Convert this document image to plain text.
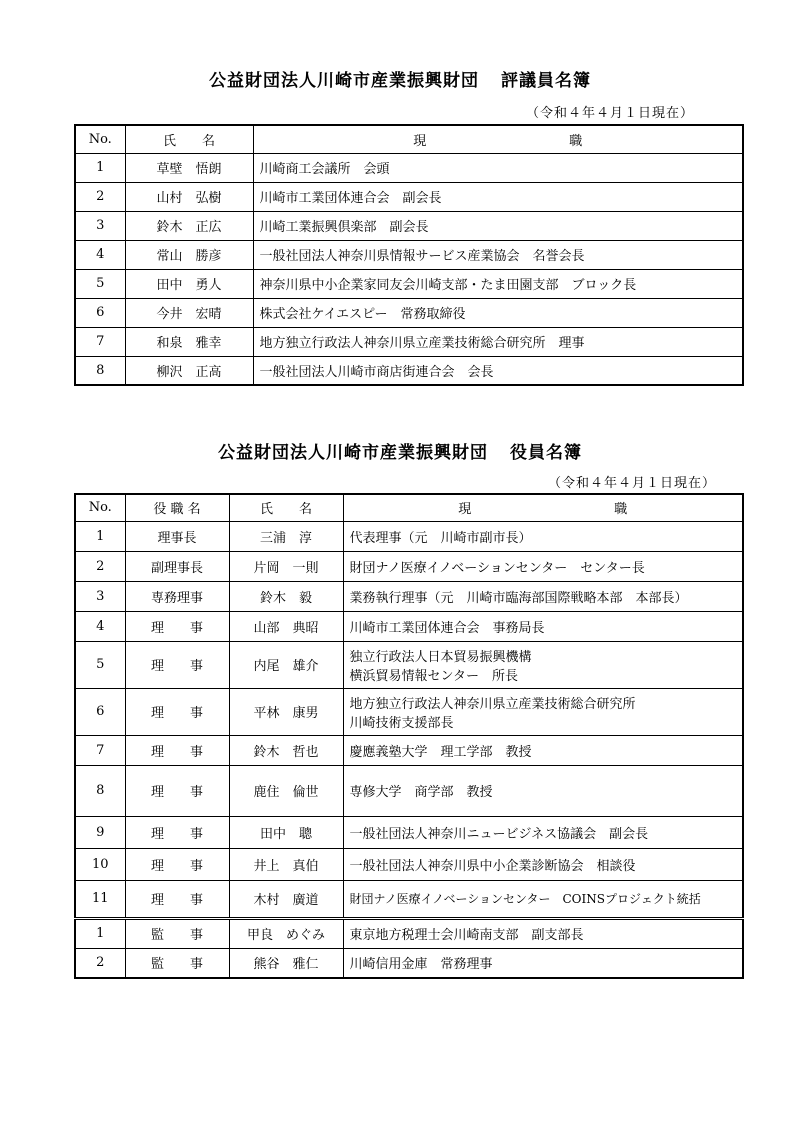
公益財団法人川崎市産業振興財団 評議員名簿
（令和４年４月１日現在）
No.	氏　　名	現　　　　　　　　　　　職
1	草壁　悟朗	川崎商工会議所　会頭
2	山村　弘樹	川崎市工業団体連合会　副会長
3	鈴木　正広	川崎工業振興倶楽部　副会長
4	常山　勝彦	一般社団法人神奈川県情報サービス産業協会　名誉会長
5	田中　勇人	神奈川県中小企業家同友会川崎支部・たま田園支部　ブロック長
6	今井　宏晴	株式会社ケイエスピー　常務取締役
7	和泉　雅幸	地方独立行政法人神奈川県立産業技術総合研究所　理事
8	柳沢　正高	一般社団法人川崎市商店街連合会　会長
公益財団法人川崎市産業振興財団 役員名簿
（令和４年４月１日現在）
No.	役 職 名	氏　　名	現　　　　　　　　　　　職
1	理事長	三浦　淳	代表理事（元　川崎市副市長）
2	副理事長	片岡　一則	財団ナノ医療イノベーションセンター　センター長
3	専務理事	鈴木　毅	業務執行理事（元　川崎市臨海部国際戦略本部　本部長）
4	理　　事	山部　典昭	川崎市工業団体連合会　事務局長
5	理　　事	内尾　雄介	独立行政法人日本貿易振興機構
横浜貿易情報センター　所長

6	理　　事	平林　康男	地方独立行政法人神奈川県立産業技術総合研究所
川崎技術支援部長

7	理　　事	鈴木　哲也	慶應義塾大学　理工学部　教授
8	理　　事	鹿住　倫世	専修大学　商学部　教授
9	理　　事	田中　聰	一般社団法人神奈川ニュービジネス協議会　副会長
10	理　　事	井上　真伯	一般社団法人神奈川県中小企業診断協会　相談役
11	理　　事	木村　廣道	財団ナノ医療イノベーションセンター　COINSプロジェクト統括
1	監　　事	甲良　めぐみ	東京地方税理士会川崎南支部　副支部長
2	監　　事	熊谷　雅仁	川崎信用金庫　常務理事
